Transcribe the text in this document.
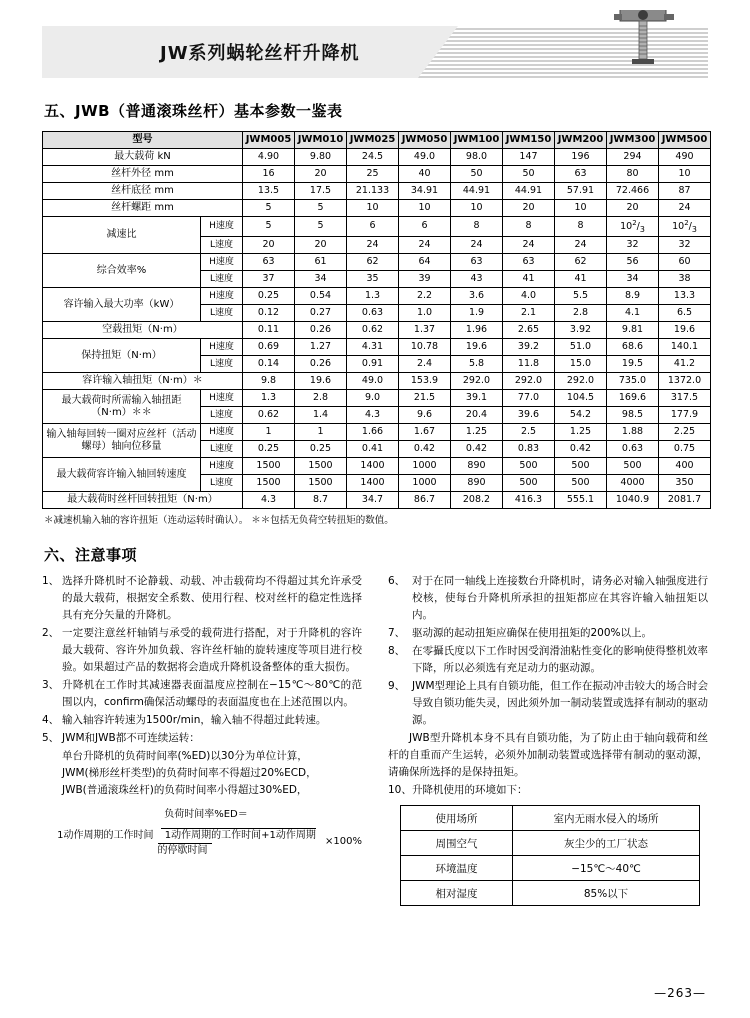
JW系列蜗轮丝杆升降机
五、JWB（普通滚珠丝杆）基本参数一鉴表
型号		JWM005	JWM010	JWM025	JWM050	JWM100	JWM150	JWM200	JWM300	JWM500
最大载荷 kN		4.90	9.80	24.5	49.0	98.0	147	196	294	490
丝杆外径 mm		16	20	25	40	50	50	63	80	10
丝杆底径 mm		13.5	17.5	21.133	34.91	44.91	44.91	57.91	72.466	87
丝杆螺距 mm		5	5	10	10	10	20	10	20	24
减速比	H速度	5	5	6	6	8	8	8	$10^2/_3$	$10^2/_3$
	L速度	20	20	24	24	24	24	24	32	32
综合效率%	H速度	63	61	62	64	63	63	62	56	60
	L速度	37	34	35	39	43	41	41	34	38
容许输入最大功率（kW）	H速度	0.25	0.54	1.3	2.2	3.6	4.0	5.5	8.9	13.3
	L速度	0.12	0.27	0.63	1.0	1.9	2.1	2.8	4.1	6.5
空载扭矩（N·m）		0.11	0.26	0.62	1.37	1.96	2.65	3.92	9.81	19.6
保持扭矩（N·m）	H速度	0.69	1.27	4.31	10.78	19.6	39.2	51.0	68.6	140.1
	L速度	0.14	0.26	0.91	2.4	5.8	11.8	15.0	19.5	41.2
容许输入轴扭矩（N·m）＊		9.8	19.6	49.0	153.9	292.0	292.0	292.0	735.0	1372.0
最大载荷时所需输入轴扭距（N·m）＊＊	H速度	1.3	2.8	9.0	21.5	39.1	77.0	104.5	169.6	317.5
	L速度	0.62	1.4	4.3	9.6	20.4	39.6	54.2	98.5	177.9
输入轴每回转一圈对应丝杆（活动螺母）轴向位移量	H速度	1	1	1.66	1.67	1.25	2.5	1.25	1.88	2.25
	L速度	0.25	0.25	0.41	0.42	0.42	0.83	0.42	0.63	0.75
最大载荷容许输入轴回转速度	H速度	1500	1500	1400	1000	890	500	500	500	400
	L速度	1500	1500	1400	1000	890	500	500	4000	350
最大载荷时丝杆回转扭矩（N·m）		4.3	8.7	34.7	86.7	208.2	416.3	555.1	1040.9	2081.7
＊减速机输入轴的容许扭矩（连动运转时确认）。 ＊＊包括无负荷空转扭矩的数值。
六、注意事项
1、 选择升降机时不论静载、动载、冲击载荷均不得超过其允许承受的最大载荷，根据安全系数、使用行程、校对丝杆的稳定性选择具有充分矢量的升降机。
2、 一定要注意丝杆轴销与承受的载荷进行搭配，对于升降机的容许最大载荷、容许外加负载、容许丝杆轴的旋转速度等项目进行校验。如果超过产品的数据将会造成升降机设备整体的重大损伤。
3、 升降机在工作时其减速器表面温度应控制在−15℃～80℃的范围以内，confirm确保活动螺母的表面温度也在上述范围以内。
4、 输入轴容许转速为1500r/min，输入轴不得超过此转速。
5、 JWM和JWB都不可连续运转：
单台升降机的负荷时间率(%ED)以30分为单位计算，
JWM(梯形丝杆类型)的负荷时间率不得超过20%ECD，
JWB(普通滚珠丝杆)的负荷时间率小得超过30%ED，
负荷时间率%ED＝
1动作周期的工作时间 1动作周期的工作时间+1动作周期的停歇时间
×100%
6、 对于在同一轴线上连接数台升降机时，请务必对输入轴强度进行校核，使每台升降机所承担的扭矩都应在其容许输入轴扭矩以内。
7、 驱动源的起动扭矩应确保在使用扭矩的200%以上。
8、 在零攝氏度以下工作时因受润滑油粘性变化的影响使得整机效率下降，所以必须选有充足动力的驱动源。
9、 JWM型理论上具有自锁功能，但工作在振动冲击较大的场合时会导致自锁功能失灵，因此须外加一制动装置或选择有制动的驱动源。
JWB型升降机本身不具有自锁功能，为了防止由于轴向载荷和丝杆的自重而产生运转，必须外加制动装置或选择带有制动的驱动源，请确保所选择的是保持扭矩。
10、 升降机使用的环境如下：
使用场所	室内无雨水侵入的场所
周围空气	灰尘少的工厂状态
环境温度	−15℃～40℃
相对湿度	85%以下
—263—
